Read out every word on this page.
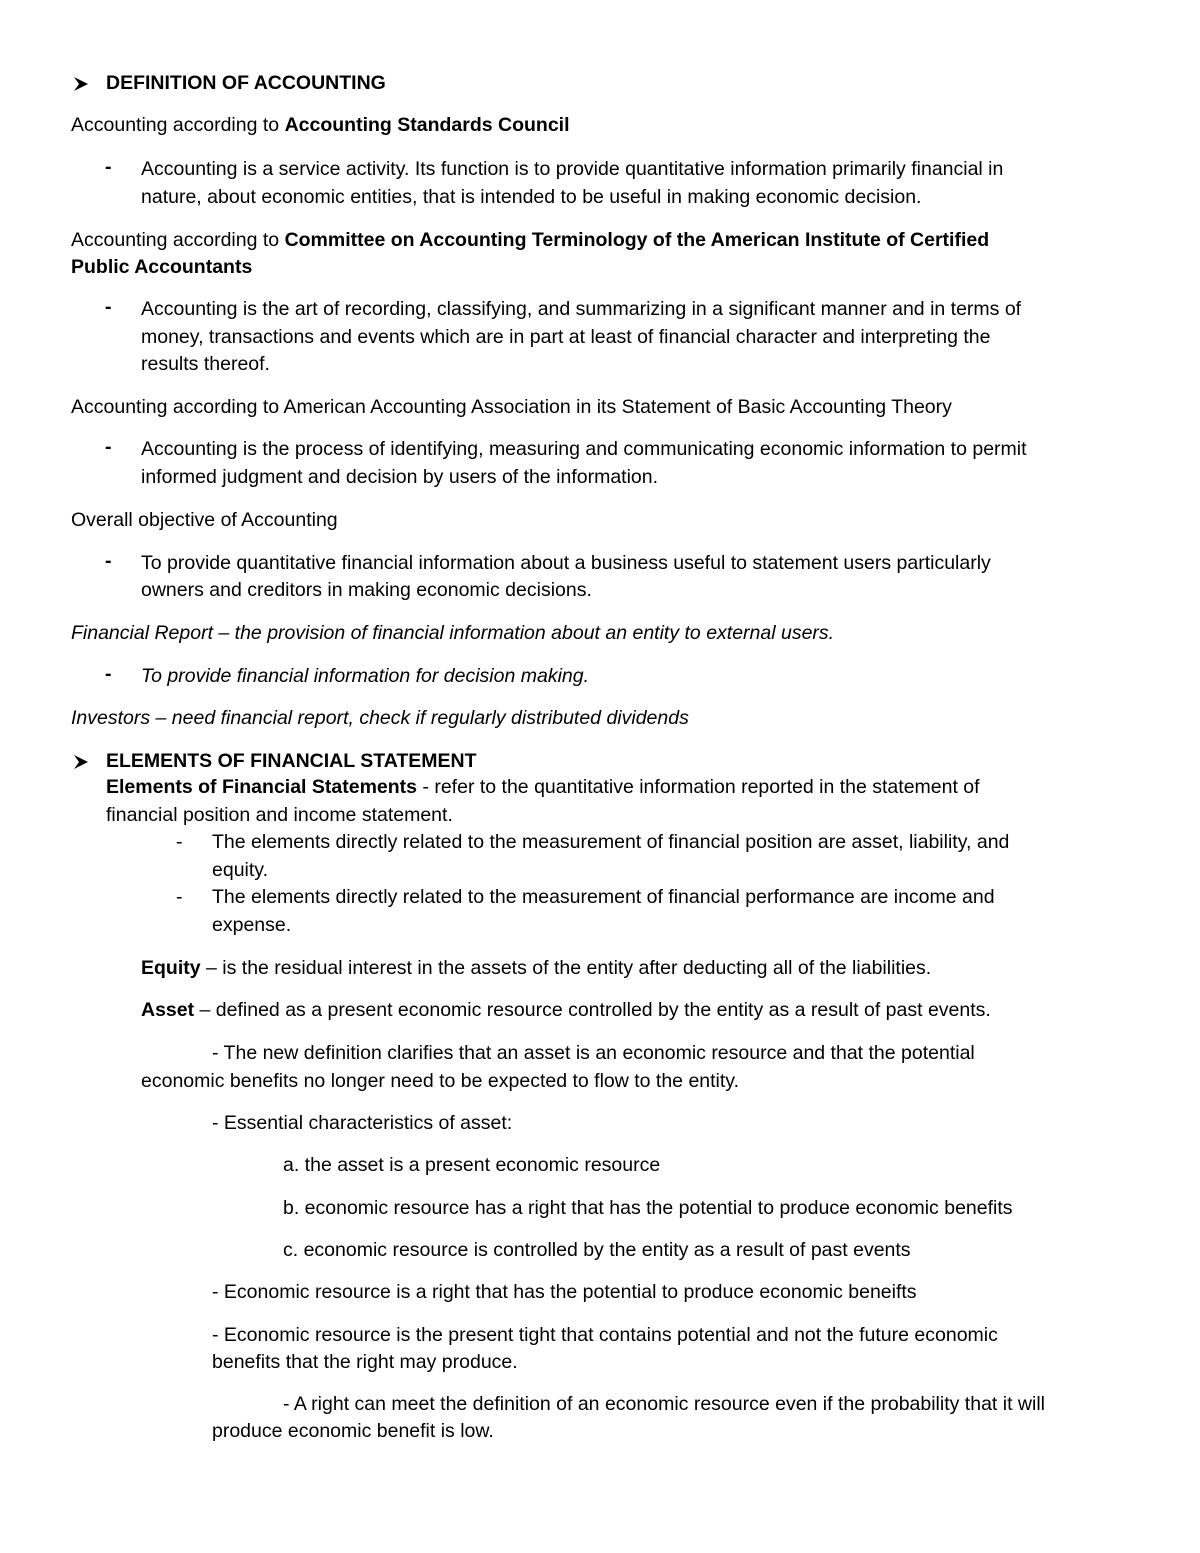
DEFINITION OF ACCOUNTING
Accounting according to Accounting Standards Council
- Accounting is a service activity. Its function is to provide quantitative information primarily financial in
nature, about economic entities, that is intended to be useful in making economic decision.
Accounting according to Committee on Accounting Terminology of the American Institute of Certified
Public Accountants
- Accounting is the art of recording, classifying, and summarizing in a significant manner and in terms of
money, transactions and events which are in part at least of financial character and interpreting the
results thereof.
Accounting according to American Accounting Association in its Statement of Basic Accounting Theory
- Accounting is the process of identifying, measuring and communicating economic information to permit
informed judgment and decision by users of the information.
Overall objective of Accounting
- To provide quantitative financial information about a business useful to statement users particularly
owners and creditors in making economic decisions.
Financial Report – the provision of financial information about an entity to external users.
- To provide financial information for decision making.
Investors – need financial report, check if regularly distributed dividends
ELEMENTS OF FINANCIAL STATEMENT
Elements of Financial Statements - refer to the quantitative information reported in the statement of
financial position and income statement.
- The elements directly related to the measurement of financial position are asset, liability, and
equity.
- The elements directly related to the measurement of financial performance are income and
expense.
Equity – is the residual interest in the assets of the entity after deducting all of the liabilities.
Asset – defined as a present economic resource controlled by the entity as a result of past events.
- The new definition clarifies that an asset is an economic resource and that the potential
economic benefits no longer need to be expected to flow to the entity.
- Essential characteristics of asset:
a. the asset is a present economic resource
b. economic resource has a right that has the potential to produce economic benefits
c. economic resource is controlled by the entity as a result of past events
- Economic resource is a right that has the potential to produce economic beneifts
- Economic resource is the present tight that contains potential and not the future economic
benefits that the right may produce.
- A right can meet the definition of an economic resource even if the probability that it will
produce economic benefit is low.
